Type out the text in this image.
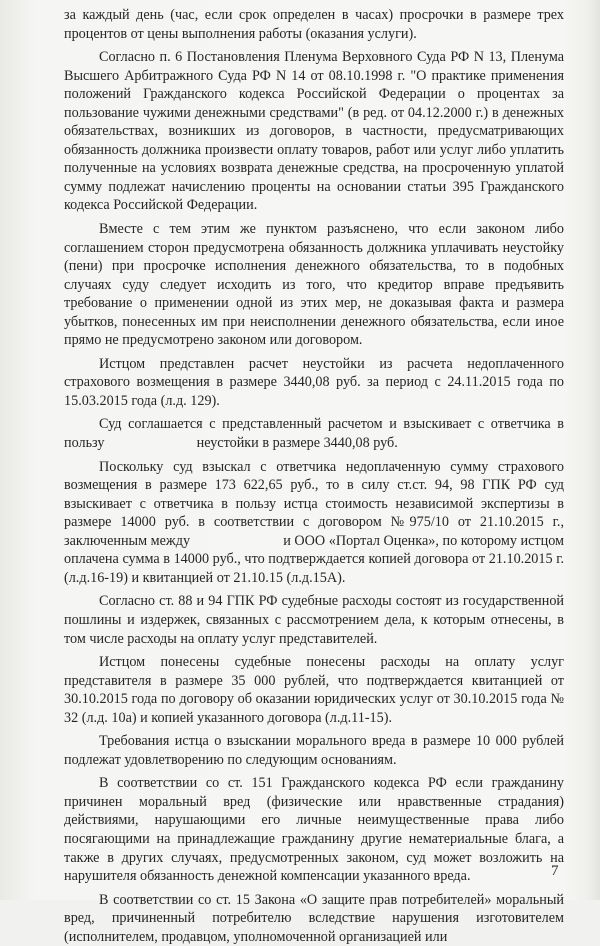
за каждый день (час, если срок определен в часах) просрочки в размере трех процентов от цены выполнения работы (оказания услуги).

Согласно п. 6 Постановления Пленума Верховного Суда РФ N 13, Пленума Высшего Арбитражного Суда РФ N 14 от 08.10.1998 г. "О практике применения положений Гражданского кодекса Российской Федерации о процентах за пользование чужими денежными средствами" (в ред. от 04.12.2000 г.) в денежных обязательствах, возникших из договоров, в частности, предусматривающих обязанность должника произвести оплату товаров, работ или услуг либо уплатить полученные на условиях возврата денежные средства, на просроченную уплатой сумму подлежат начислению проценты на основании статьи 395 Гражданского кодекса Российской Федерации.

Вместе с тем этим же пунктом разъяснено, что если законом либо соглашением сторон предусмотрена обязанность должника уплачивать неустойку (пени) при просрочке исполнения денежного обязательства, то в подобных случаях суду следует исходить из того, что кредитор вправе предъявить требование о применении одной из этих мер, не доказывая факта и размера убытков, понесенных им при неисполнении денежного обязательства, если иное прямо не предусмотрено законом или договором.

Истцом представлен расчет неустойки из расчета недоплаченного страхового возмещения в размере 3440,08 руб. за период с 24.11.2015 года по 15.03.2015 года (л.д. 129).

Суд соглашается с представленный расчетом и взыскивает с ответчика в пользу                          неустойки в размере 3440,08 руб.

Поскольку суд взыскал с ответчика недоплаченную сумму страхового возмещения в размере 173 622,65 руб., то в силу ст.ст. 94, 98 ГПК РФ суд взыскивает с ответчика в пользу истца стоимость независимой экспертизы в размере 14000 руб. в соответствии с договором №975/10 от 21.10.2015 г., заключенным между                          и ООО «Портал Оценка», по которому истцом оплачена сумма в 14000 руб., что подтверждается копией договора от 21.10.2015 г. (л.д.16-19) и квитанцией от 21.10.15 (л.д.15А).

Согласно ст. 88 и 94 ГПК РФ судебные расходы состоят из государственной пошлины и издержек, связанных с рассмотрением дела, к которым отнесены, в том числе расходы на оплату услуг представителей.

Истцом понесены судебные понесены расходы на оплату услуг представителя в размере 35 000 рублей, что подтверждается квитанцией от 30.10.2015 года по договору об оказании юридических услуг от 30.10.2015 года № 32 (л.д. 10а) и копией указанного договора (л.д.11-15).

Требования истца о взыскании морального вреда в размере 10 000 рублей подлежат удовлетворению по следующим основаниям.

В соответствии со ст. 151 Гражданского кодекса РФ если гражданину причинен моральный вред (физические или нравственные страдания) действиями, нарушающими его личные неимущественные права либо посягающими на принадлежащие гражданину другие нематериальные блага, а также в других случаях, предусмотренных законом, суд может возложить на нарушителя обязанность денежной компенсации указанного вреда.

В соответствии со ст. 15 Закона «О защите прав потребителей» моральный вред, причиненный потребителю вследствие нарушения изготовителем (исполнителем, продавцом, уполномоченной организацией или

7
